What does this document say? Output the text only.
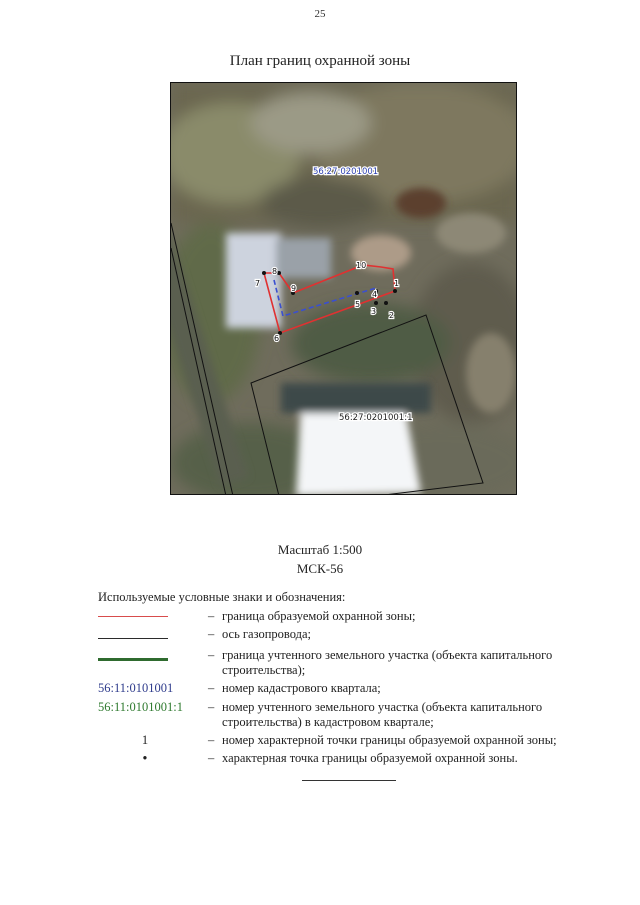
25
План границ охранной зоны
1
2
3
4
5
6
7
8
9
10
56:27:0201001
56:27:0201001:1
Масштаб 1:500
МСК-56
Используемые условные знаки и обозначения:
– граница образуемой охранной зоны;
– ось газопровода;
– граница учтенного земельного участка (объекта капитального строительства);
56:11:0101001	– номер кадастрового квартала;
56:11:0101001:1	– номер учтенного земельного участка (объекта капитального строительства) в кадастровом квартале;
1	– номер характерной точки границы образуемой охранной зоны;
•	– характерная точка границы образуемой охранной зоны.
